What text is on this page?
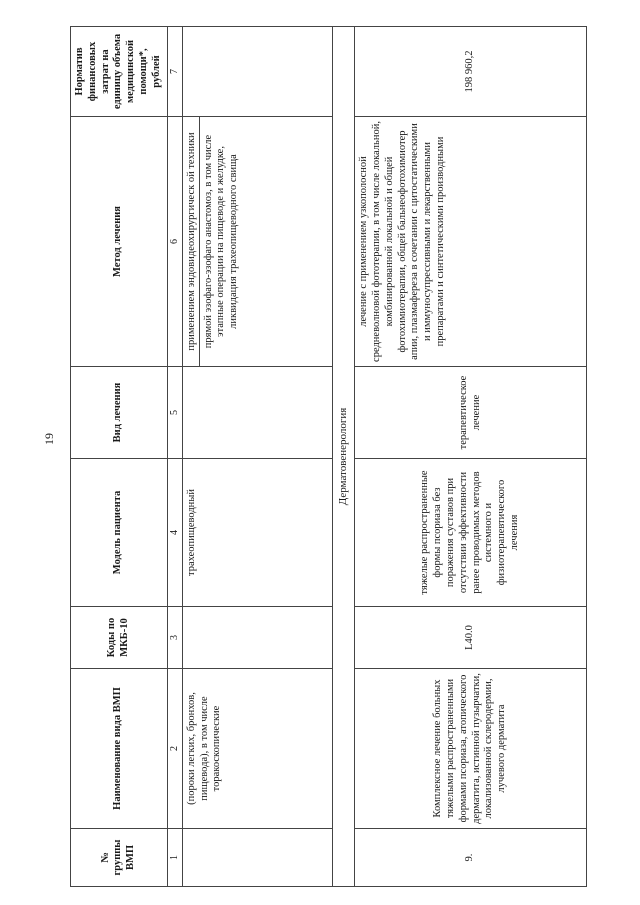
19
№ группы ВМП	Наименование вида ВМП	Коды по МКБ-10	Модель пациента	Вид лечения	Метод лечения	Норматив финансовых затрат на единицу объема медицинской помощи*, рублей
1	2	3	4	5	6	7
	(пороки легких, бронхов, пищевода), в том числе торакоскопические		трахеопищеводный		применением эндовидеохирургическ ой техники прямой эзофаго-эзофаго анастомоз, в том числе этапные операции на пищеводе и желудке, ликвидация трахеопищеводного свища	

Дерматовенерология						
9.	Комплексное лечение больных тяжелыми распространенными формами псориаза, атопического дерматита, истинной пузырчатки, локализованной склеродермии, лучевого дерматита	L40.0	тяжелые распространенные формы псориаза без поражения суставов при отсутствии эффективности ранее проводимых методов системного и физиотерапевтического лечения	терапевтическое лечение	лечение с применением узкополосной средневолновой фототерапии, в том числе локальной, комбинированной локальной и общей фотохимиотерапии, общей бальнеофотохимиотер апии, плазмафереза в сочетании с цитостатическими и иммуносупрессивными и лекарственными препаратами и синтетическими производными	198 960,2
